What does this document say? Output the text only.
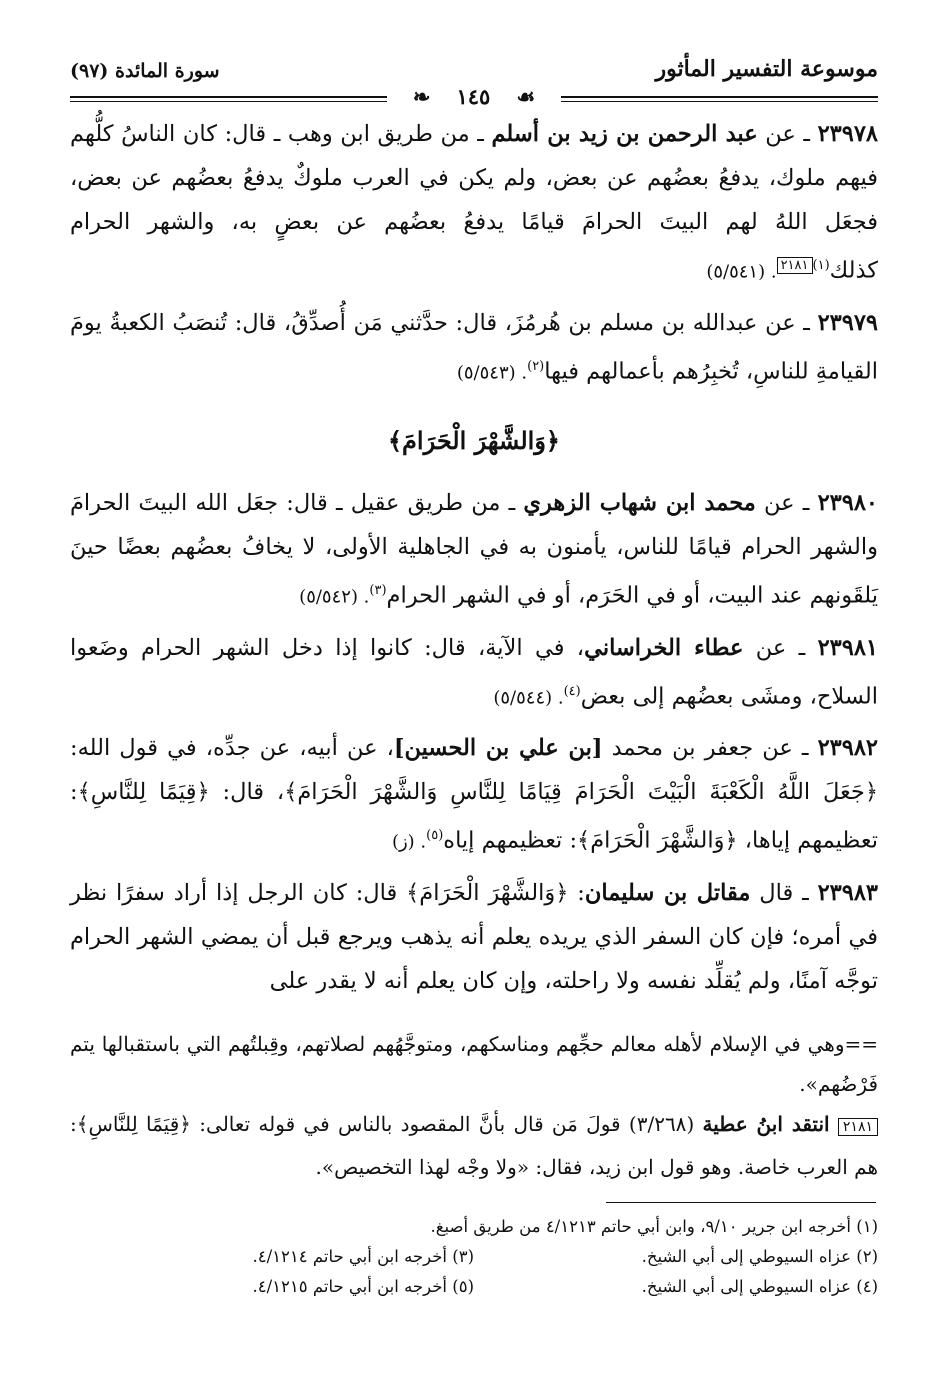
موسوعة التفسير المأثور
سورة المائدة (٩٧)
❧ ١٤٥ ☙

٢٣٩٧٨ ـ عن عبد الرحمن بن زيد بن أسلم ـ من طريق ابن وهب ـ قال: كان الناسُ كلُّهم فيهم ملوك، يدفعُ بعضُهم عن بعض، ولم يكن في العرب ملوكٌ يدفعُ بعضُهم عن بعض، فجعَل اللهُ لهم البيتَ الحرامَ قيامًا يدفعُ بعضُهم عن بعضٍ به، والشهر الحرام كذلك$^{(١)٢١٨١}$. (٥/٥٤١)

٢٣٩٧٩ ـ عن عبدالله بن مسلم بن هُرمُزَ، قال: حدَّثني مَن أُصدِّقُ، قال: تُنصَبُ الكعبةُ يومَ القيامةِ للناسِ، تُخبِرُهم بأعمالهم فيها$^{(٢)}$. (٥/٥٤٣)

﴿وَالشَّهْرَ الْحَرَامَ﴾

٢٣٩٨٠ ـ عن محمد ابن شهاب الزهري ـ من طريق عقيل ـ قال: جعَل الله البيتَ الحرامَ والشهر الحرام قيامًا للناس، يأمنون به في الجاهلية الأولى، لا يخافُ بعضُهم بعضًا حينَ يَلقَونهم عند البيت، أو في الحَرَم، أو في الشهر الحرام$^{(٣)}$. (٥/٥٤٢)

٢٣٩٨١ ـ عن عطاء الخراساني، في الآية، قال: كانوا إذا دخل الشهر الحرام وضَعوا السلاح، ومشَى بعضُهم إلى بعض$^{(٤)}$. (٥/٥٤٤)

٢٣٩٨٢ ـ عن جعفر بن محمد [بن علي بن الحسين]، عن أبيه، عن جدِّه، في قول الله: ﴿جَعَلَ اللَّهُ الْكَعْبَةَ الْبَيْتَ الْحَرَامَ قِيَامًا لِلنَّاسِ وَالشَّهْرَ الْحَرَامَ﴾، قال: ﴿قِيَمًا لِلنَّاسِ﴾: تعظيمهم إياها، ﴿وَالشَّهْرَ الْحَرَامَ﴾: تعظيمهم إياه$^{(٥)}$. (ز)

٢٣٩٨٣ ـ قال مقاتل بن سليمان: ﴿وَالشَّهْرَ الْحَرَامَ﴾ قال: كان الرجل إذا أراد سفرًا نظر في أمره؛ فإن كان السفر الذي يريده يعلم أنه يذهب ويرجع قبل أن يمضي الشهر الحرام توجَّه آمنًا، ولم يُقلِّد نفسه ولا راحلته، وإن كان يعلم أنه لا يقدر على

==وهي في الإسلام لأهله معالم حجِّهم ومناسكهم، ومتوجَّهُهم لصلاتهم، وقِبلتُهم التي باستقبالها يتم فَرْضُهم».

٢١٨١ انتقد ابنُ عطية (٣/٢٦٨) قولَ مَن قال بأنَّ المقصود بالناس في قوله تعالى: ﴿قِيَمًا لِلنَّاسِ﴾: هم العرب خاصة. وهو قول ابن زيد، فقال: «ولا وجْه لهذا التخصيص».

(١) أخرجه ابن جرير ٩/١٠، وابن أبي حاتم ٤/١٢١٣ من طريق أصبغ.
(٢) عزاه السيوطي إلى أبي الشيخ.
(٣) أخرجه ابن أبي حاتم ٤/١٢١٤.
(٤) عزاه السيوطي إلى أبي الشيخ.
(٥) أخرجه ابن أبي حاتم ٤/١٢١٥.
